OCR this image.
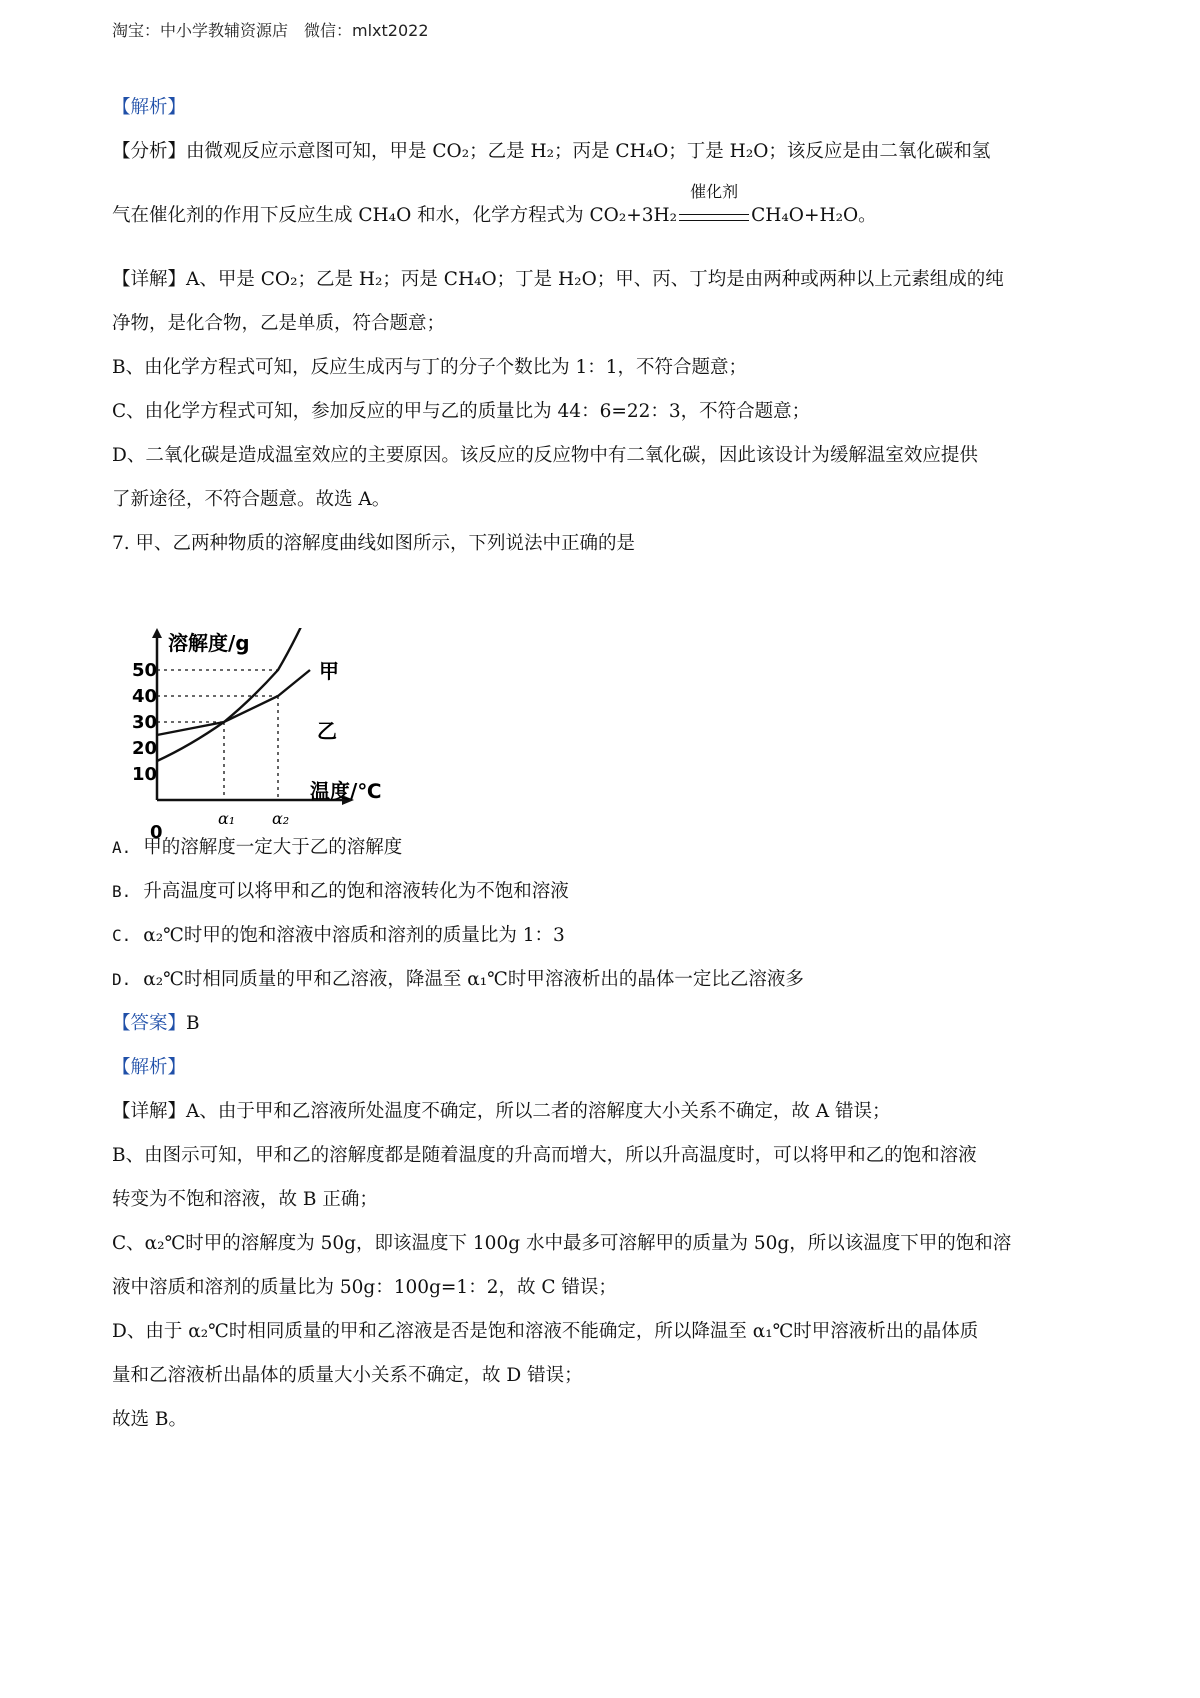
淘宝：中小学教辅资源店　微信：mlxt2022
【解析】
【分析】由微观反应示意图可知，甲是 CO₂；乙是 H₂；丙是 CH₄O；丁是 H₂O；该反应是由二氧化碳和氢
气在催化剂的作用下反应生成 CH₄O 和水，化学方程式为 CO₂+3H₂
催化剂
CH₄O+H₂O。
【详解】A、甲是 CO₂；乙是 H₂；丙是 CH₄O；丁是 H₂O；甲、丙、丁均是由两种或两种以上元素组成的纯
净物，是化合物，乙是单质，符合题意；
B、由化学方程式可知，反应生成丙与丁的分子个数比为 1：1，不符合题意；
C、由化学方程式可知，参加反应的甲与乙的质量比为 44：6=22：3，不符合题意；
D、二氧化碳是造成温室效应的主要原因。该反应的反应物中有二氧化碳，因此该设计为缓解温室效应提供
了新途径，不符合题意。故选 A。
7. 甲、乙两种物质的溶解度曲线如图所示，下列说法中正确的是
溶解度/g
温度/℃
0
10
20
30
40
50	甲
乙
α₁ α₂
A. 甲的溶解度一定大于乙的溶解度
B. 升高温度可以将甲和乙的饱和溶液转化为不饱和溶液
C. α₂℃时甲的饱和溶液中溶质和溶剂的质量比为 1：3
D. α₂℃时相同质量的甲和乙溶液，降温至 α₁℃时甲溶液析出的晶体一定比乙溶液多
【答案】B
【解析】
【详解】A、由于甲和乙溶液所处温度不确定，所以二者的溶解度大小关系不确定，故 A 错误；
B、由图示可知，甲和乙的溶解度都是随着温度的升高而增大，所以升高温度时，可以将甲和乙的饱和溶液
转变为不饱和溶液，故 B 正确；
C、α₂℃时甲的溶解度为 50g，即该温度下 100g 水中最多可溶解甲的质量为 50g，所以该温度下甲的饱和溶
液中溶质和溶剂的质量比为 50g：100g=1：2，故 C 错误；
D、由于 α₂℃时相同质量的甲和乙溶液是否是饱和溶液不能确定，所以降温至 α₁℃时甲溶液析出的晶体质
量和乙溶液析出晶体的质量大小关系不确定，故 D 错误；
故选 B。
